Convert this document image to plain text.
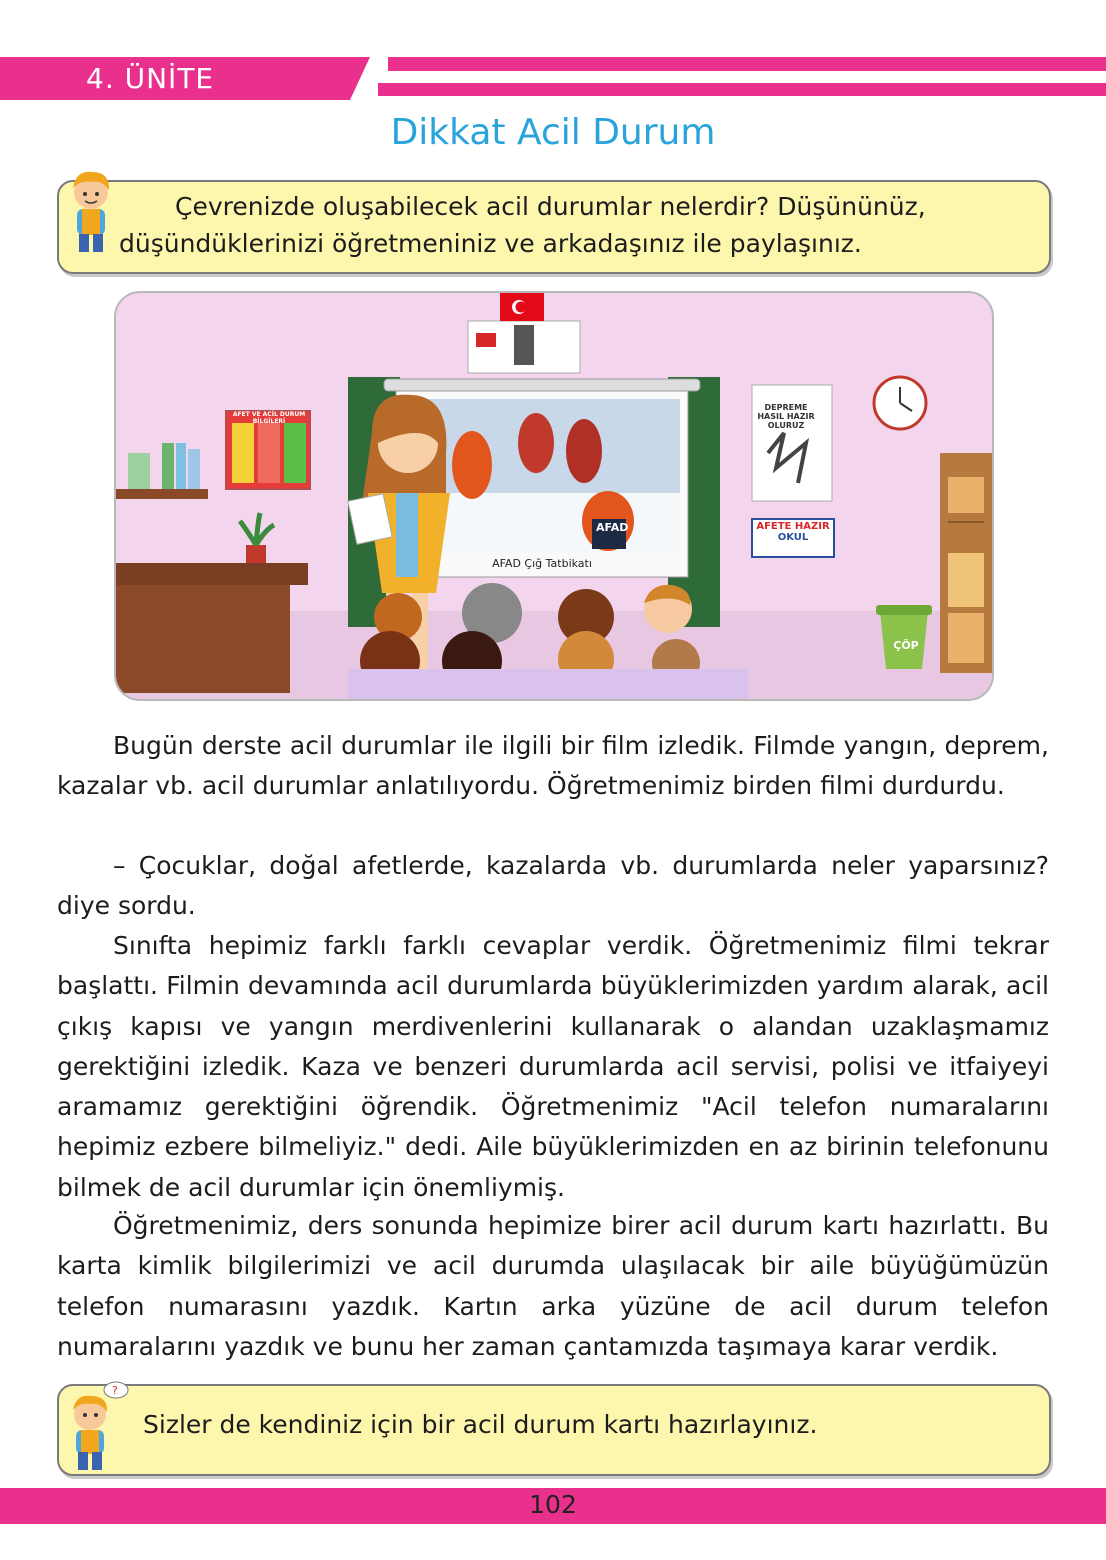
4. ÜNİTE
Dikkat Acil Durum
Çevrenizde oluşabilecek acil durumlar nelerdir? Düşününüz, düşündüklerinizi öğretmeniniz ve arkadaşınız ile paylaşınız.
AFET VE ACİL DURUM BİLGİLERİ
AFAD Çığ Tatbikatı
AFAD
DEPREME
HASIL HAZIR
OLURUZ
AFETE HAZIR
OKUL
ÇÖP
Bugün derste acil durumlar ile ilgili bir film izledik. Filmde yangın, deprem, kazalar vb. acil durumlar anlatılıyordu. Öğretmenimiz birden filmi durdurdu.
– Çocuklar, doğal afetlerde, kazalarda vb. durumlarda neler yaparsınız? diye sordu.
Sınıfta hepimiz farklı farklı cevaplar verdik. Öğretmenimiz filmi tekrar başlattı. Filmin devamında acil durumlarda büyüklerimizden yardım alarak, acil çıkış kapısı ve yangın merdivenlerini kullanarak o alandan uzaklaşmamız gerektiğini izledik. Kaza ve benzeri durumlarda acil servisi, polisi ve itfaiyeyi aramamız gerektiğini öğrendik. Öğretmenimiz "Acil telefon numaralarını hepimiz ezbere bilmeliyiz." dedi. Aile büyüklerimizden en az birinin telefonunu bilmek de acil durumlar için önemliymiş.
Öğretmenimiz, ders sonunda hepimize birer acil durum kartı hazırlattı. Bu karta kimlik bilgilerimizi ve acil durumda ulaşılacak bir aile büyüğümüzün telefon numarasını yazdık. Kartın arka yüzüne de acil durum telefon numaralarını yazdık ve bunu her zaman çantamızda taşımaya karar verdik.
Sizler de kendiniz için bir acil durum kartı hazırlayınız.
?
102
